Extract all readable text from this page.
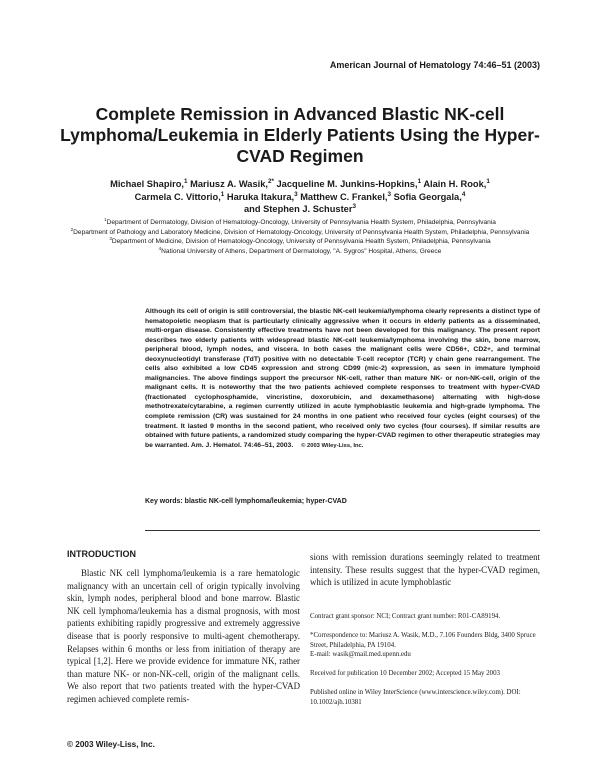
American Journal of Hematology 74:46–51 (2003)
Complete Remission in Advanced Blastic NK-cell Lymphoma/Leukemia in Elderly Patients Using the Hyper-CVAD Regimen
Michael Shapiro,$^1$ Mariusz A. Wasik,$^{2*}$ Jacqueline M. Junkins-Hopkins,$^1$ Alain H. Rook,$^1$
Carmela C. Vittorio,$^1$ Haruka Itakura,$^3$ Matthew C. Frankel,$^3$ Sofia Georgala,$^4$
and Stephen J. Schuster$^3$
$^1$Department of Dermatology, Division of Hematology-Oncology, University of Pennsylvania Health System, Philadelphia, Pennsylvania
$^2$Department of Pathology and Laboratory Medicine, Division of Hematology-Oncology, University of Pennsylvania Health System, Philadelphia, Pennsylvania
$^3$Department of Medicine, Division of Hematology-Oncology, University of Pennsylvania Health System, Philadelphia, Pennsylvania
$^4$National University of Athens, Department of Dermatology, "A. Sygros" Hospital, Athens, Greece
Although its cell of origin is still controversial, the blastic NK-cell leukemia/lymphoma clearly represents a distinct type of hematopoietic neoplasm that is particularly clinically aggressive when it occurs in elderly patients as a disseminated, multi-organ disease. Consistently effective treatments have not been developed for this malignancy. The present report describes two elderly patients with widespread blastic NK-cell leukemia/lymphoma involving the skin, bone marrow, peripheral blood, lymph nodes, and viscera. In both cases the malignant cells were CD56+, CD2+, and terminal deoxynucleotidyl transferase (TdT) positive with no detectable T-cell receptor (TCR) γ chain gene rearrangement. The cells also exhibited a low CD45 expression and strong CD99 (mic-2) expression, as seen in immature lymphoid malignancies. The above findings support the precursor NK-cell, rather than mature NK- or non-NK-cell, origin of the malignant cells. It is noteworthy that the two patients achieved complete responses to treatment with hyper-CVAD (fractionated cyclophosphamide, vincristine, doxorubicin, and dexamethasone) alternating with high-dose methotrexate/cytarabine, a regimen currently utilized in acute lymphoblastic leukemia and high-grade lymphoma. The complete remission (CR) was sustained for 24 months in one patient who received four cycles (eight courses) of the treatment. It lasted 9 months in the second patient, who received only two cycles (four courses). If similar results are obtained with future patients, a randomized study comparing the hyper-CVAD regimen to other therapeutic strategies may be warranted. Am. J. Hematol. 74:46–51, 2003. © 2003 Wiley-Liss, Inc.
Key words: blastic NK-cell lymphoma/leukemia; hyper-CVAD
INTRODUCTION
Blastic NK cell lymphoma/leukemia is a rare hematologic malignancy with an uncertain cell of origin typically involving skin, lymph nodes, peripheral blood and bone marrow. Blastic NK cell lymphoma/leukemia has a dismal prognosis, with most patients exhibiting rapidly progressive and extremely aggressive disease that is poorly responsive to multi-agent chemotherapy. Relapses within 6 months or less from initiation of therapy are typical [1,2]. Here we provide evidence for immature NK, rather than mature NK- or non-NK-cell, origin of the malignant cells. We also report that two patients treated with the hyper-CVAD regimen achieved complete remis-
sions with remission durations seemingly related to treatment intensity. These results suggest that the hyper-CVAD regimen, which is utilized in acute lymphoblastic
Contract grant sponsor: NCI; Contract grant number: R01-CA89194.
*Correspondence to: Mariusz A. Wasik, M.D., 7.106 Founders Bldg, 3400 Spruce Street, Philadelphia, PA 19104.
E-mail: wasik@mail.med.upenn.edu
Received for publication 10 December 2002; Accepted 15 May 2003
Published online in Wiley InterScience (www.interscience.wiley.com). DOI: 10.1002/ajh.10381
© 2003 Wiley-Liss, Inc.
